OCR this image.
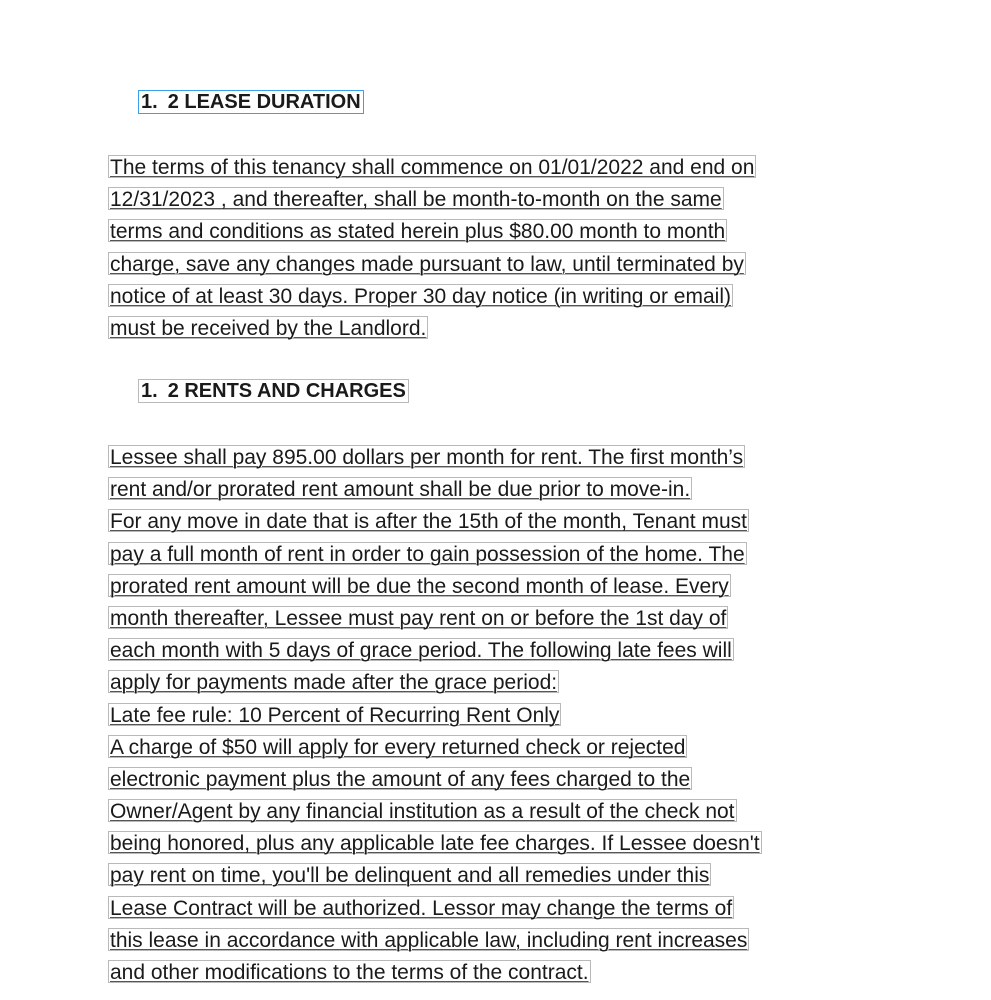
1. 2 LEASE DURATION
The terms of this tenancy shall commence on 01/01/2022 and end on
12/31/2023 , and thereafter, shall be month-to-month on the same
terms and conditions as stated herein plus $80.00 month to month
charge, save any changes made pursuant to law, until terminated by
notice of at least 30 days. Proper 30 day notice (in writing or email)
must be received by the Landlord.
1. 2 RENTS AND CHARGES
Lessee shall pay 895.00 dollars per month for rent. The first month’s
rent and/or prorated rent amount shall be due prior to move-in.
For any move in date that is after the 15th of the month, Tenant must
pay a full month of rent in order to gain possession of the home. The
prorated rent amount will be due the second month of lease. Every
month thereafter, Lessee must pay rent on or before the 1st day of
each month with 5 days of grace period. The following late fees will
apply for payments made after the grace period:
Late fee rule: 10 Percent of Recurring Rent Only
A charge of $50 will apply for every returned check or rejected
electronic payment plus the amount of any fees charged to the
Owner/Agent by any financial institution as a result of the check not
being honored, plus any applicable late fee charges. If Lessee doesn't
pay rent on time, you'll be delinquent and all remedies under this
Lease Contract will be authorized. Lessor may change the terms of
this lease in accordance with applicable law, including rent increases
and other modifications to the terms of the contract.
